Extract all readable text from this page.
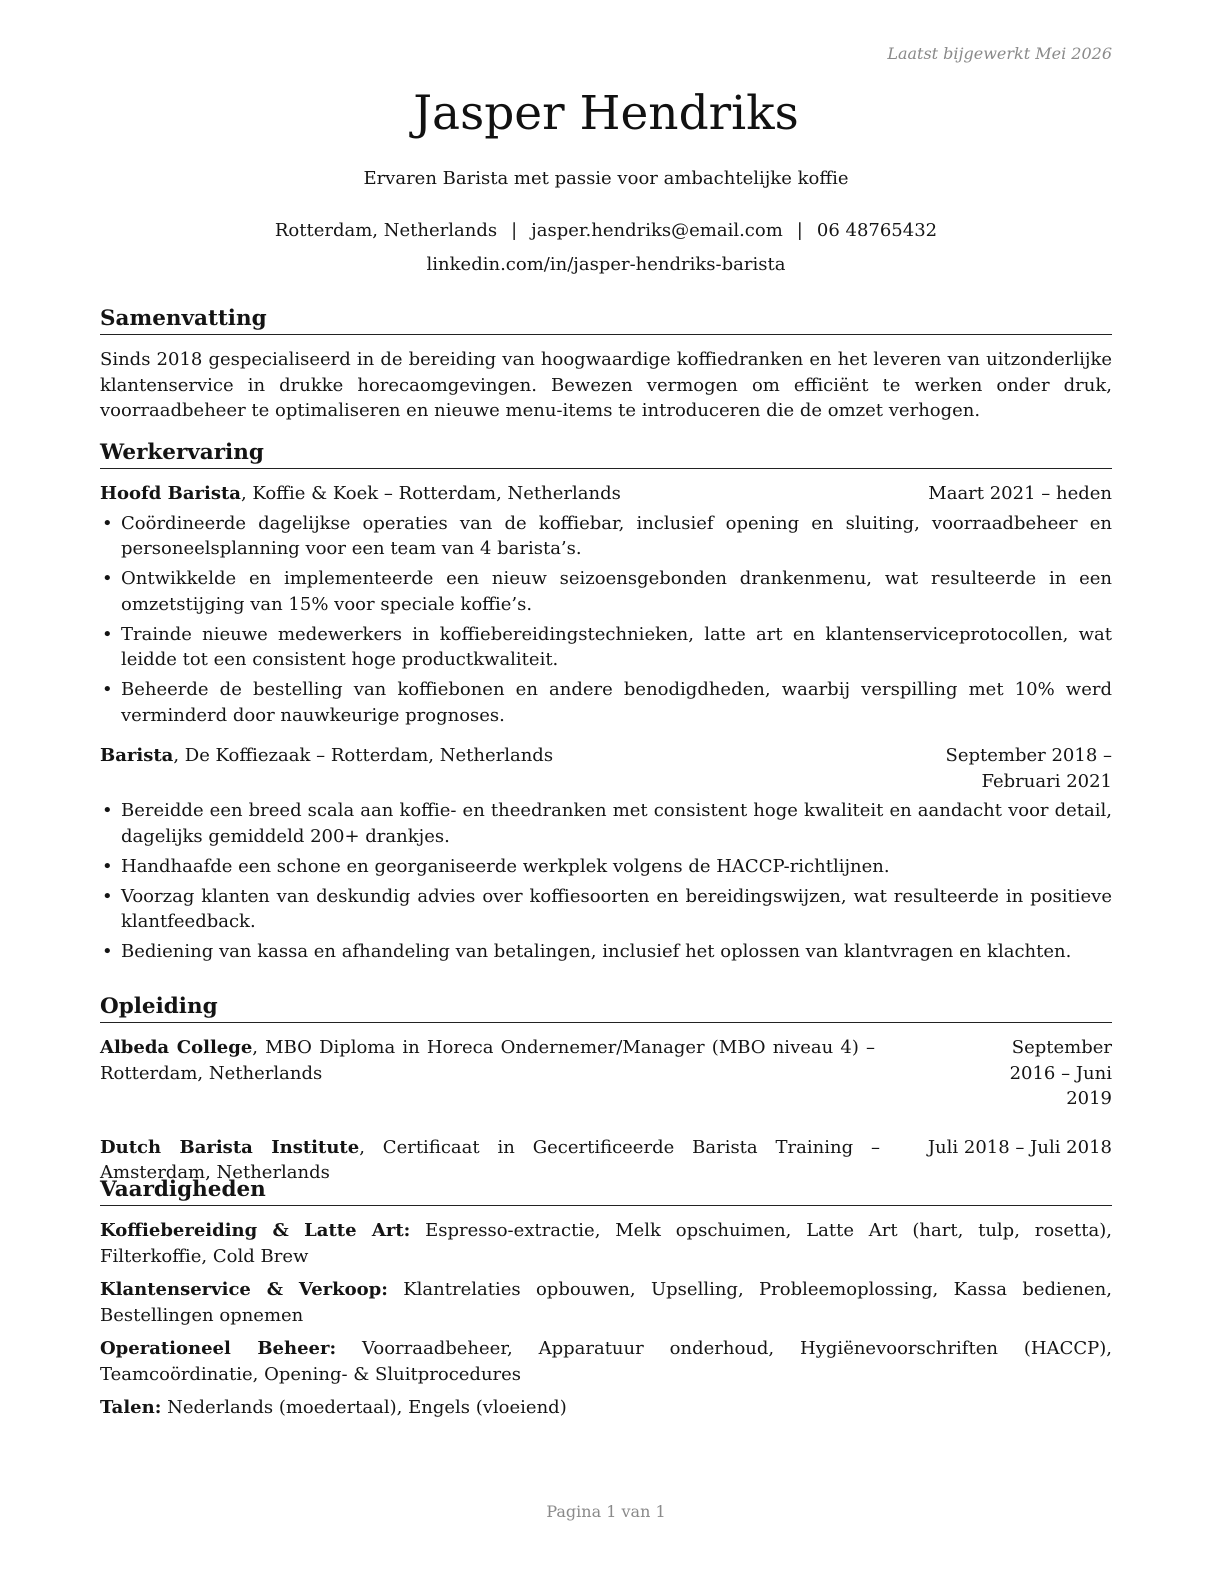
Laatst bijgewerkt Mei 2026
Jasper Hendriks
Ervaren Barista met passie voor ambachtelijke koffie
Rotterdam, Netherlands | jasper.hendriks@email.com | 06 48765432
linkedin.com/in/jasper-hendriks-barista
Samenvatting

Sinds 2018 gespecialiseerd in de bereiding van hoogwaardige koffiedranken en het leveren van uitzonderlijke klantenservice in drukke horecaomgevingen. Bewezen vermogen om efficiënt te werken onder druk, voorraadbeheer te optimaliseren en nieuwe menu-items te introduceren die de omzet verhogen.

Werkervaring
Hoofd Barista, Koffie & Koek – Rotterdam, Netherlands	Maart 2021 – heden
• Coördineerde dagelijkse operaties van de koffiebar, inclusief opening en sluiting, voorraadbeheer en personeelsplanning voor een team van 4 barista’s.
• Ontwikkelde en implementeerde een nieuw seizoensgebonden drankenmenu, wat resulteerde in een omzetstijging van 15% voor speciale koffie’s.
• Trainde nieuwe medewerkers in koffiebereidingstechnieken, latte art en klantenserviceprotocollen, wat leidde tot een consistent hoge productkwaliteit.
• Beheerde de bestelling van koffiebonen en andere benodigdheden, waarbij verspilling met 10% werd verminderd door nauwkeurige prognoses.
Barista, De Koffiezaak – Rotterdam, Netherlands	September 2018 – Februari 2021
• Bereidde een breed scala aan koffie- en theedranken met consistent hoge kwaliteit en aandacht voor detail, dagelijks gemiddeld 200+ drankjes.
• Handhaafde een schone en georganiseerde werkplek volgens de HACCP-richtlijnen.
• Voorzag klanten van deskundig advies over koffiesoorten en bereidingswijzen, wat resulteerde in positieve klantfeedback.
• Bediening van kassa en afhandeling van betalingen, inclusief het oplossen van klantvragen en klachten.
Opleiding
Albeda College, MBO Diploma in Horeca Ondernemer/Manager (MBO niveau 4) – Rotterdam, Netherlands
September 2016 – Juni 2019
Dutch Barista Institute, Certificaat in Gecertificeerde Barista Training – Amsterdam, Netherlands
Juli 2018 – Juli 2018
Vaardigheden

Koffiebereiding & Latte Art: Espresso-extractie, Melk opschuimen, Latte Art (hart, tulp, rosetta), Filterkoffie, Cold Brew

Klantenservice & Verkoop: Klantrelaties opbouwen, Upselling, Probleemoplossing, Kassa bedienen, Bestellingen opnemen

Operationeel Beheer: Voorraadbeheer, Apparatuur onderhoud, Hygiënevoorschriften (HACCP), Teamcoördinatie, Opening- & Sluitprocedures

Talen: Nederlands (moedertaal), Engels (vloeiend)

Pagina 1 van 1
